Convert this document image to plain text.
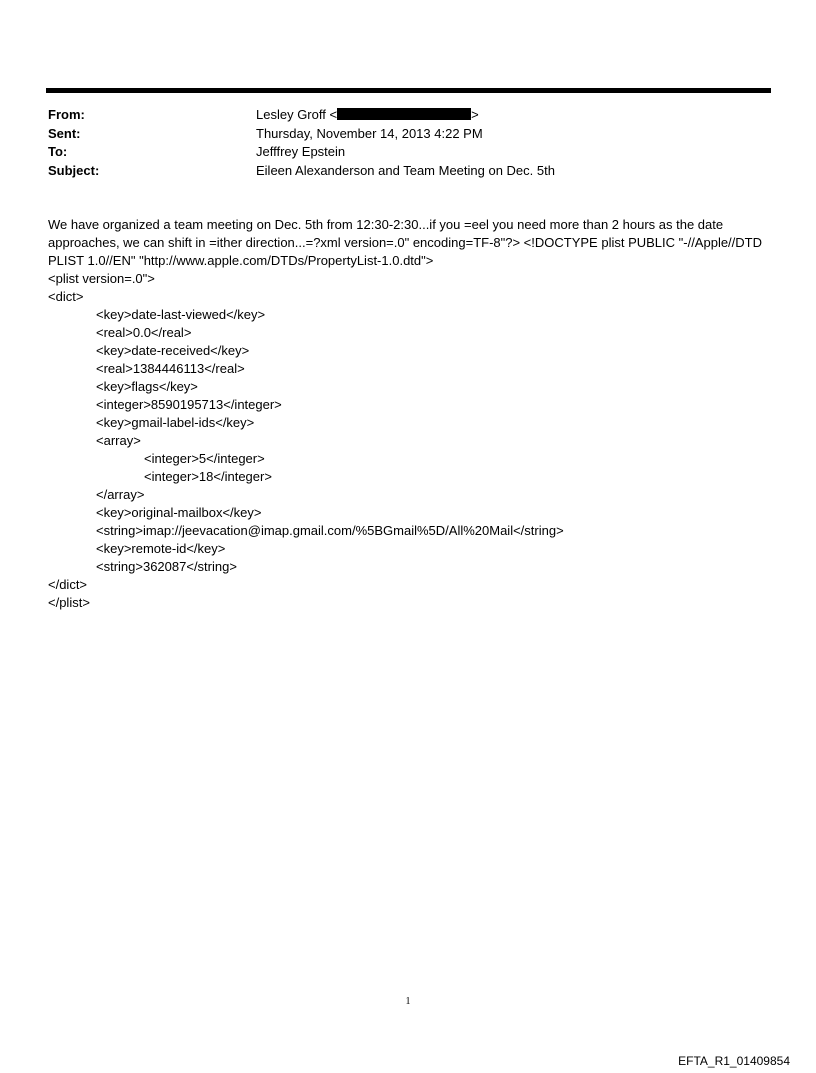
From:	Lesley Groff <	>
Sent:	Thursday, November 14, 2013 4:22 PM
To:	Jefffrey Epstein
Subject:	Eileen Alexanderson and Team Meeting on Dec. 5th

We have organized a team meeting on Dec. 5th from 12:30-2:30...if you =eel you need more than 2 hours as the date approaches, we can shift in =ither direction...=?xml version=.0" encoding=TF-8"?> <!DOCTYPE plist PUBLIC "-//Apple//DTD PLIST 1.0//EN" "http://www.apple.com/DTDs/PropertyList-1.0.dtd">

<plist version=.0">
<dict>
<key>date-last-viewed</key>
<real>0.0</real>
<key>date-received</key>
<real>1384446113</real>
<key>flags</key>
<integer>8590195713</integer>
<key>gmail-label-ids</key>
<array>
<integer>5</integer>
<integer>18</integer>
</array>
<key>original-mailbox</key>
<string>imap://jeevacation@imap.gmail.com/%5BGmail%5D/All%20Mail</string>
<key>remote-id</key>
<string>362087</string>
</dict>
</plist>
1
EFTA_R1_01409854
